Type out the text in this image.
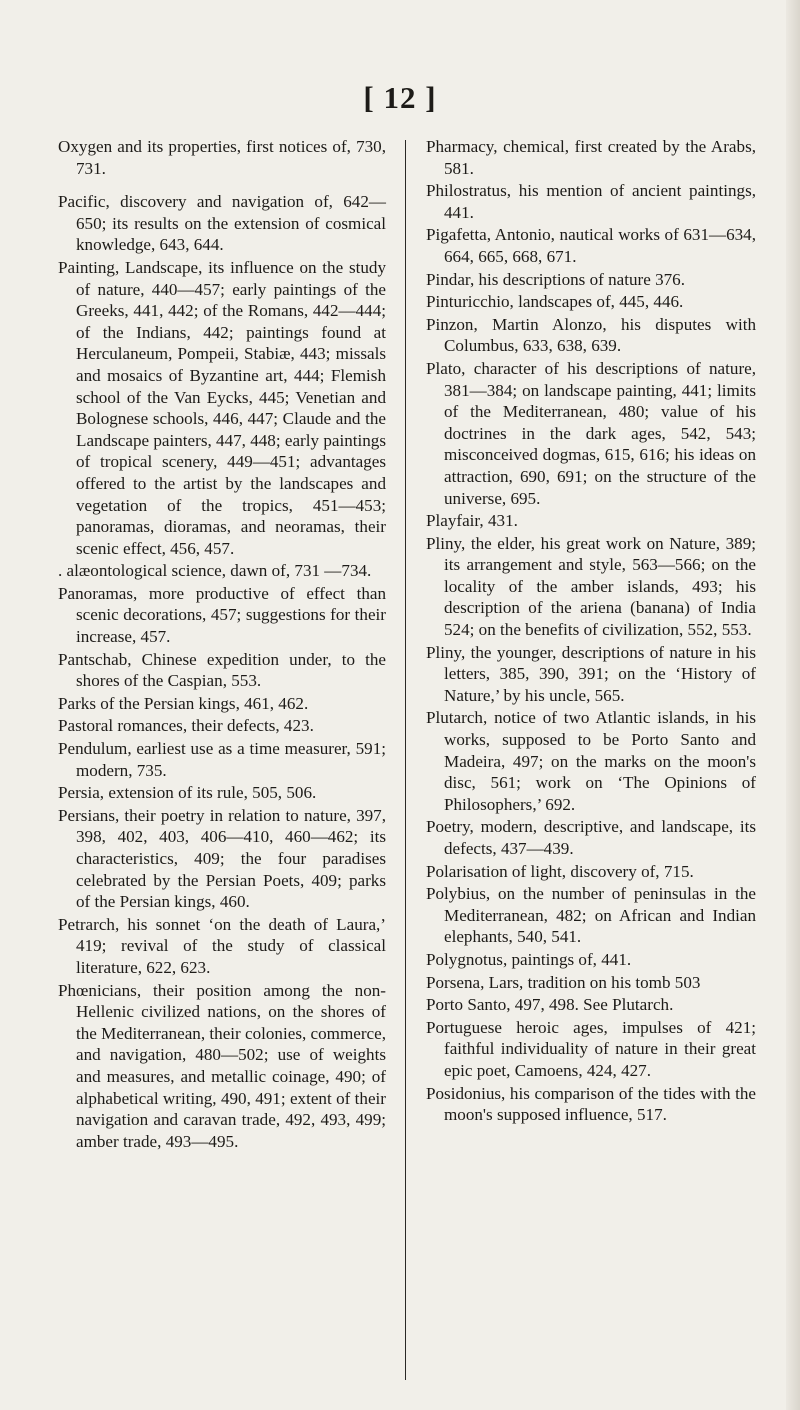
[ 12 ]

Oxygen and its properties, first notices of, 730, 731.

Pacific, discovery and navigation of, 642—650; its results on the extension of cosmical knowledge, 643, 644.

Painting, Landscape, its influence on the study of nature, 440—457; early paintings of the Greeks, 441, 442; of the Romans, 442—444; of the Indians, 442; paintings found at Herculaneum, Pompeii, Stabiæ, 443; missals and mosaics of Byzantine art, 444; Flemish school of the Van Eycks, 445; Venetian and Bolognese schools, 446, 447; Claude and the Landscape painters, 447, 448; early paintings of tropical scenery, 449—451; advantages offered to the artist by the landscapes and vegetation of the tropics, 451—453; panoramas, dioramas, and neoramas, their scenic effect, 456, 457.

. alæontological science, dawn of, 731 —734.

Panoramas, more productive of effect than scenic decorations, 457; suggestions for their increase, 457.

Pantschab, Chinese expedition under, to the shores of the Caspian, 553.

Parks of the Persian kings, 461, 462.

Pastoral romances, their defects, 423.

Pendulum, earliest use as a time measurer, 591; modern, 735.

Persia, extension of its rule, 505, 506.

Persians, their poetry in relation to nature, 397, 398, 402, 403, 406—410, 460—462; its characteristics, 409; the four paradises celebrated by the Persian Poets, 409; parks of the Persian kings, 460.

Petrarch, his sonnet ‘on the death of Laura,’ 419; revival of the study of classical literature, 622, 623.

Phœnicians, their position among the non-Hellenic civilized nations, on the shores of the Mediterranean, their colonies, commerce, and navigation, 480—502; use of weights and measures, and metallic coinage, 490; of alphabetical writing, 490, 491; extent of their navigation and caravan trade, 492, 493, 499; amber trade, 493—495.

Pharmacy, chemical, first created by the Arabs, 581.

Philostratus, his mention of ancient paintings, 441.

Pigafetta, Antonio, nautical works of 631—634, 664, 665, 668, 671.

Pindar, his descriptions of nature 376.

Pinturicchio, landscapes of, 445, 446.

Pinzon, Martin Alonzo, his disputes with Columbus, 633, 638, 639.

Plato, character of his descriptions of nature, 381—384; on landscape painting, 441; limits of the Mediterranean, 480; value of his doctrines in the dark ages, 542, 543; misconceived dogmas, 615, 616; his ideas on attraction, 690, 691; on the structure of the universe, 695.

Playfair, 431.

Pliny, the elder, his great work on Nature, 389; its arrangement and style, 563—566; on the locality of the amber islands, 493; his description of the ariena (banana) of India 524; on the benefits of civilization, 552, 553.

Pliny, the younger, descriptions of nature in his letters, 385, 390, 391; on the ‘History of Nature,’ by his uncle, 565.

Plutarch, notice of two Atlantic islands, in his works, supposed to be Porto Santo and Madeira, 497; on the marks on the moon's disc, 561; work on ‘The Opinions of Philosophers,’ 692.

Poetry, modern, descriptive, and landscape, its defects, 437—439.

Polarisation of light, discovery of, 715.

Polybius, on the number of peninsulas in the Mediterranean, 482; on African and Indian elephants, 540, 541.

Polygnotus, paintings of, 441.

Porsena, Lars, tradition on his tomb 503

Porto Santo, 497, 498. See Plutarch.

Portuguese heroic ages, impulses of 421; faithful individuality of nature in their great epic poet, Camoens, 424, 427.

Posidonius, his comparison of the tides with the moon's supposed influence, 517.
